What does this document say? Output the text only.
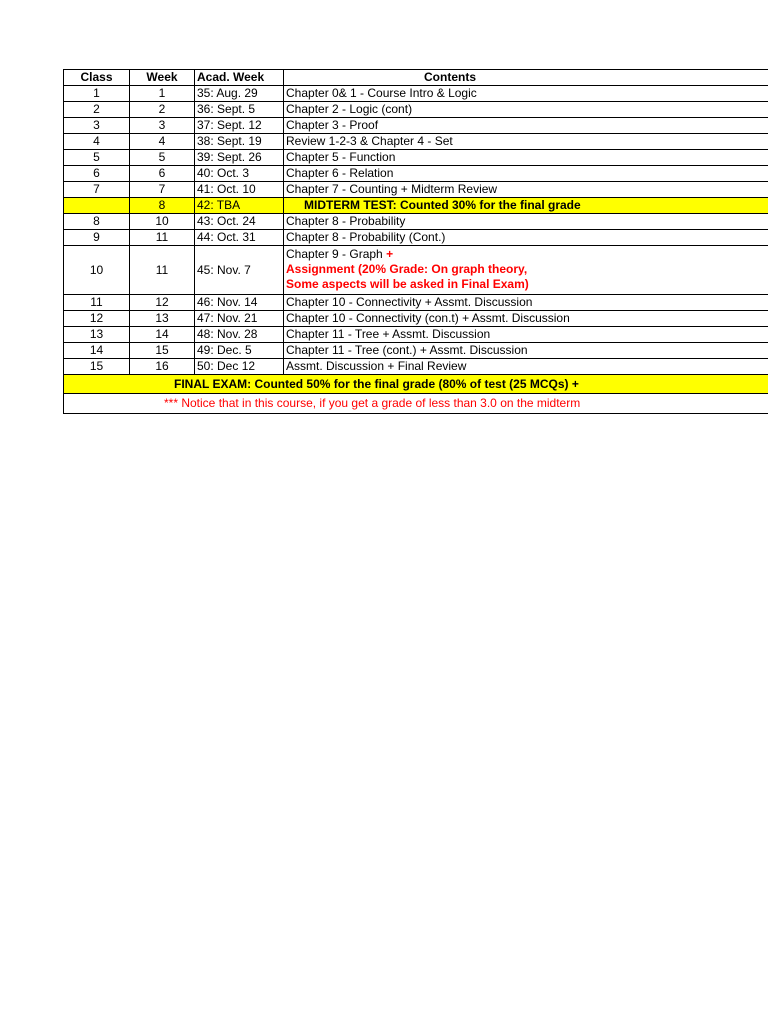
Class	Week	Acad. Week	Contents
1	1	35: Aug. 29	Chapter 0& 1 - Course Intro & Logic
2	2	36: Sept. 5	Chapter 2 - Logic (cont)
3	3	37: Sept. 12	Chapter 3 - Proof
4	4	38: Sept. 19	Review 1-2-3 & Chapter 4 - Set
5	5	39: Sept. 26	Chapter 5 - Function
6	6	40: Oct. 3	Chapter 6 - Relation
7	7	41: Oct. 10	Chapter 7 - Counting + Midterm Review
	8	42: TBA	MIDTERM TEST: Counted 30% for the final grade
8	10	43: Oct. 24	Chapter 8 - Probability
9	11	44: Oct. 31	Chapter 8 - Probability (Cont.)
10	11	45: Nov. 7	Chapter 9 - Graph +
Assignment (20% Grade: On graph theory,
Some aspects will be asked in Final Exam)

11	12	46: Nov. 14	Chapter 10 - Connectivity + Assmt. Discussion
12	13	47: Nov. 21	Chapter 10 - Connectivity (con.t) + Assmt. Discussion
13	14	48: Nov. 28	Chapter 11 - Tree + Assmt. Discussion
14	15	49: Dec. 5	Chapter 11 - Tree (cont.) + Assmt. Discussion
15	16	50: Dec 12	Assmt. Discussion + Final Review
FINAL EXAM: Counted 50% for the final grade (80% of test (25 MCQs) +			
*** Notice that in this course, if you get a grade of less than 3.0 on the midterm			
